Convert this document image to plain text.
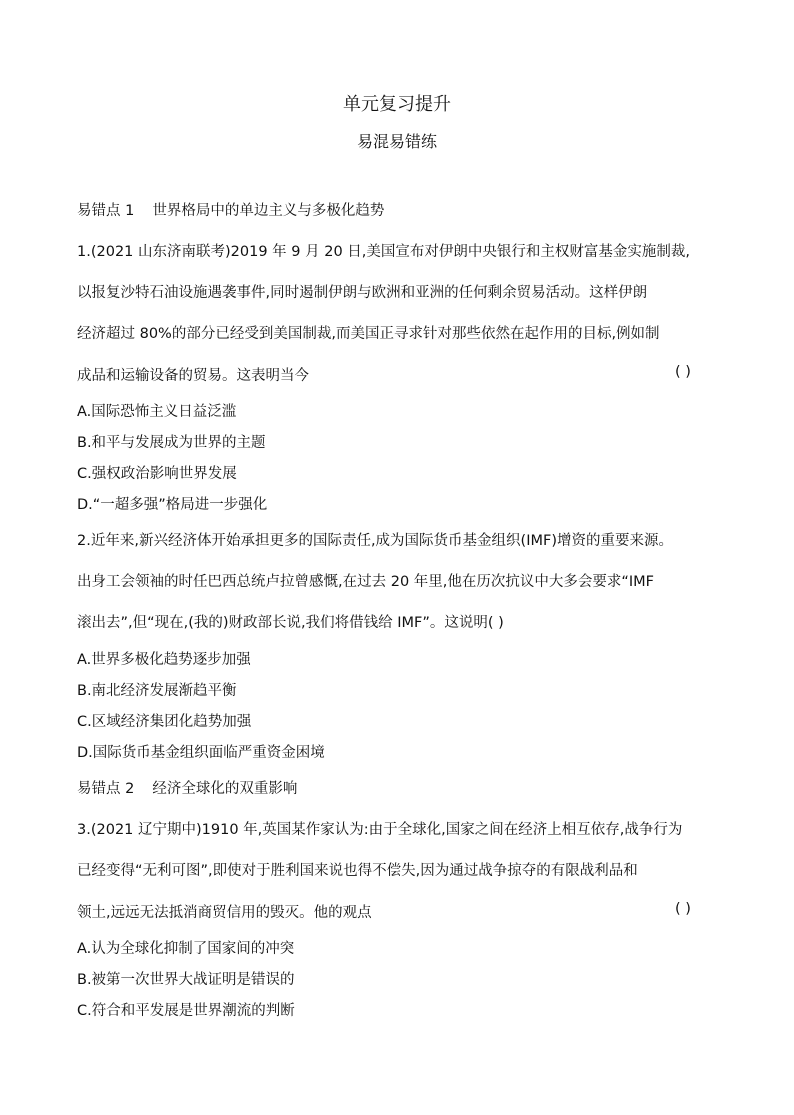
单元复习提升
易混易错练
易错点 1 世界格局中的单边主义与多极化趋势
1.(2021 山东济南联考)2019 年 9 月 20 日,美国宣布对伊朗中央银行和主权财富基金实施制裁,
以报复沙特石油设施遇袭事件,同时遏制伊朗与欧洲和亚洲的任何剩余贸易活动。这样伊朗
经济超过 80%的部分已经受到美国制裁,而美国正寻求针对那些依然在起作用的目标,例如制
成品和运输设备的贸易。这表明当今	( )
A.国际恐怖主义日益泛滥
B.和平与发展成为世界的主题
C.强权政治影响世界发展
D.“一超多强”格局进一步强化
2.近年来,新兴经济体开始承担更多的国际责任,成为国际货币基金组织(IMF)增资的重要来源。
出身工会领袖的时任巴西总统卢拉曾感慨,在过去 20 年里,他在历次抗议中大多会要求“IMF
滚出去”,但“现在,(我的)财政部长说,我们将借钱给 IMF”。这说明( )
A.世界多极化趋势逐步加强
B.南北经济发展渐趋平衡
C.区域经济集团化趋势加强
D.国际货币基金组织面临严重资金困境
易错点 2 经济全球化的双重影响
3.(2021 辽宁期中)1910 年,英国某作家认为:由于全球化,国家之间在经济上相互依存,战争行为
已经变得“无利可图”,即使对于胜利国来说也得不偿失,因为通过战争掠夺的有限战利品和
领土,远远无法抵消商贸信用的毁灭。他的观点	( )
A.认为全球化抑制了国家间的冲突
B.被第一次世界大战证明是错误的
C.符合和平发展是世界潮流的判断
